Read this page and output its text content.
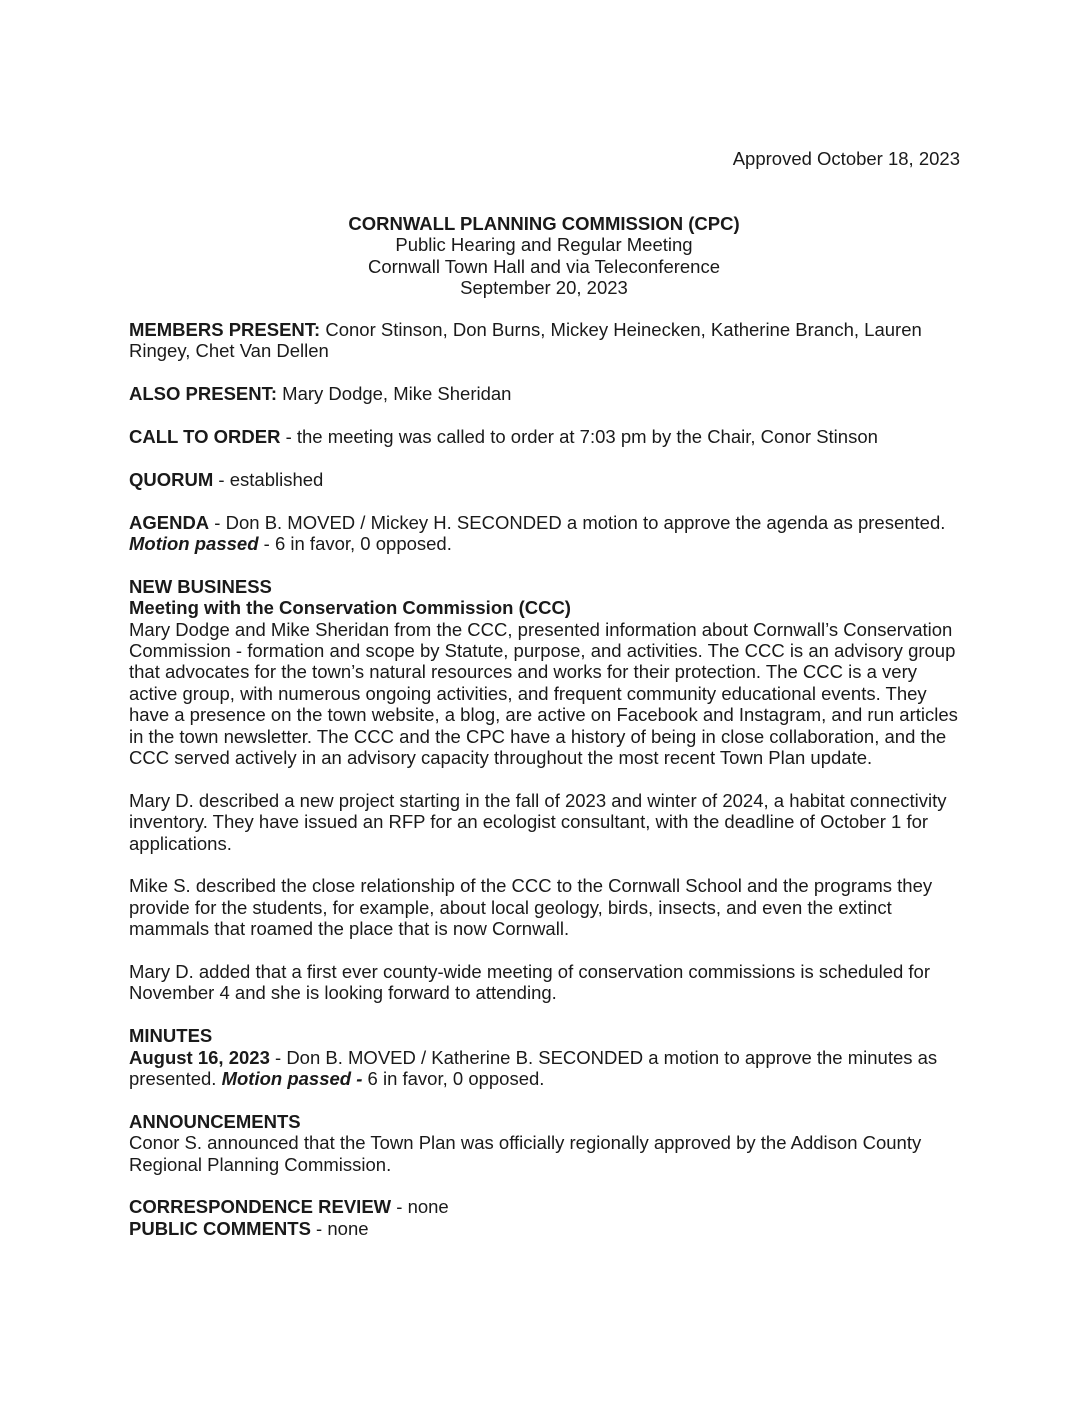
Approved October 18, 2023
CORNWALL PLANNING COMMISSION (CPC)
Public Hearing and Regular Meeting
Cornwall Town Hall and via Teleconference
September 20, 2023

MEMBERS PRESENT: Conor Stinson, Don Burns, Mickey Heinecken, Katherine Branch, Lauren Ringey, Chet Van Dellen

ALSO PRESENT: Mary Dodge, Mike Sheridan

CALL TO ORDER - the meeting was called to order at 7:03 pm by the Chair, Conor Stinson

QUORUM - established

AGENDA - Don B. MOVED / Mickey H. SECONDED a motion to approve the agenda as presented. Motion passed - 6 in favor, 0 opposed.

NEW BUSINESS

Meeting with the Conservation Commission (CCC)

Mary Dodge and Mike Sheridan from the CCC, presented information about Cornwall’s Conservation Commission - formation and scope by Statute, purpose, and activities. The CCC is an advisory group that advocates for the town’s natural resources and works for their protection. The CCC is a very active group, with numerous ongoing activities, and frequent community educational events. They have a presence on the town website, a blog, are active on Facebook and Instagram, and run articles in the town newsletter. The CCC and the CPC have a history of being in close collaboration, and the CCC served actively in an advisory capacity throughout the most recent Town Plan update.

Mary D. described a new project starting in the fall of 2023 and winter of 2024, a habitat connectivity inventory. They have issued an RFP for an ecologist consultant, with the deadline of October 1 for applications.

Mike S. described the close relationship of the CCC to the Cornwall School and the programs they provide for the students, for example, about local geology, birds, insects, and even the extinct mammals that roamed the place that is now Cornwall.

Mary D. added that a first ever county-wide meeting of conservation commissions is scheduled for November 4 and she is looking forward to attending.

MINUTES

August 16, 2023 - Don B. MOVED / Katherine B. SECONDED a motion to approve the minutes as presented. Motion passed - 6 in favor, 0 opposed.

ANNOUNCEMENTS

Conor S. announced that the Town Plan was officially regionally approved by the Addison County Regional Planning Commission.

CORRESPONDENCE REVIEW - none

PUBLIC COMMENTS - none
